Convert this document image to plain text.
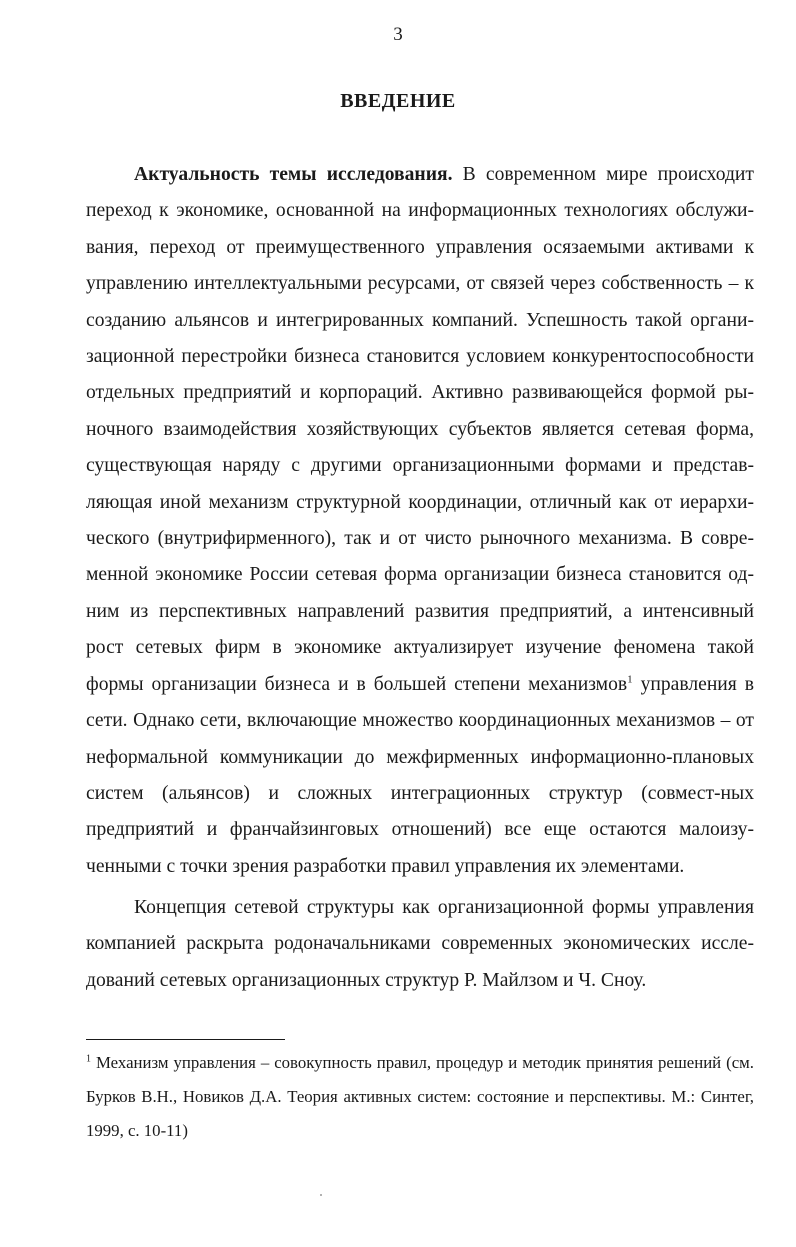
3
ВВЕДЕНИЕ

Актуальность темы исследования. В современном мире происходит переход к экономике, основанной на информационных технологиях обслужи-вания, переход от преимущественного управления осязаемыми активами к управлению интеллектуальными ресурсами, от связей через собственность – к созданию альянсов и интегрированных компаний. Успешность такой органи-зационной перестройки бизнеса становится условием конкурентоспособности отдельных предприятий и корпораций. Активно развивающейся формой ры-ночного взаимодействия хозяйствующих субъектов является сетевая форма, существующая наряду с другими организационными формами и представ-ляющая иной механизм структурной координации, отличный как от иерархи-ческого (внутрифирменного), так и от чисто рыночного механизма. В совре-менной экономике России сетевая форма организации бизнеса становится од-ним из перспективных направлений развития предприятий, а интенсивный рост сетевых фирм в экономике актуализирует изучение феномена такой формы организации бизнеса и в большей степени механизмов$^1$ управления в сети. Однако сети, включающие множество координационных механизмов – от неформальной коммуникации до межфирменных информационно-плановых систем (альянсов) и сложных интеграционных структур (совмест-ных предприятий и франчайзинговых отношений) все еще остаются малоизу-ченными с точки зрения разработки правил управления их элементами.

Концепция сетевой структуры как организационной формы управления компанией раскрыта родоначальниками современных экономических иссле-дований сетевых организационных структур Р. Майлзом и Ч. Сноу.

$^1$ Механизм управления – совокупность правил, процедур и методик принятия решений (см. Бурков В.Н., Новиков Д.А. Теория активных систем: состояние и перспективы. М.: Синтег, 1999, с. 10-11)
